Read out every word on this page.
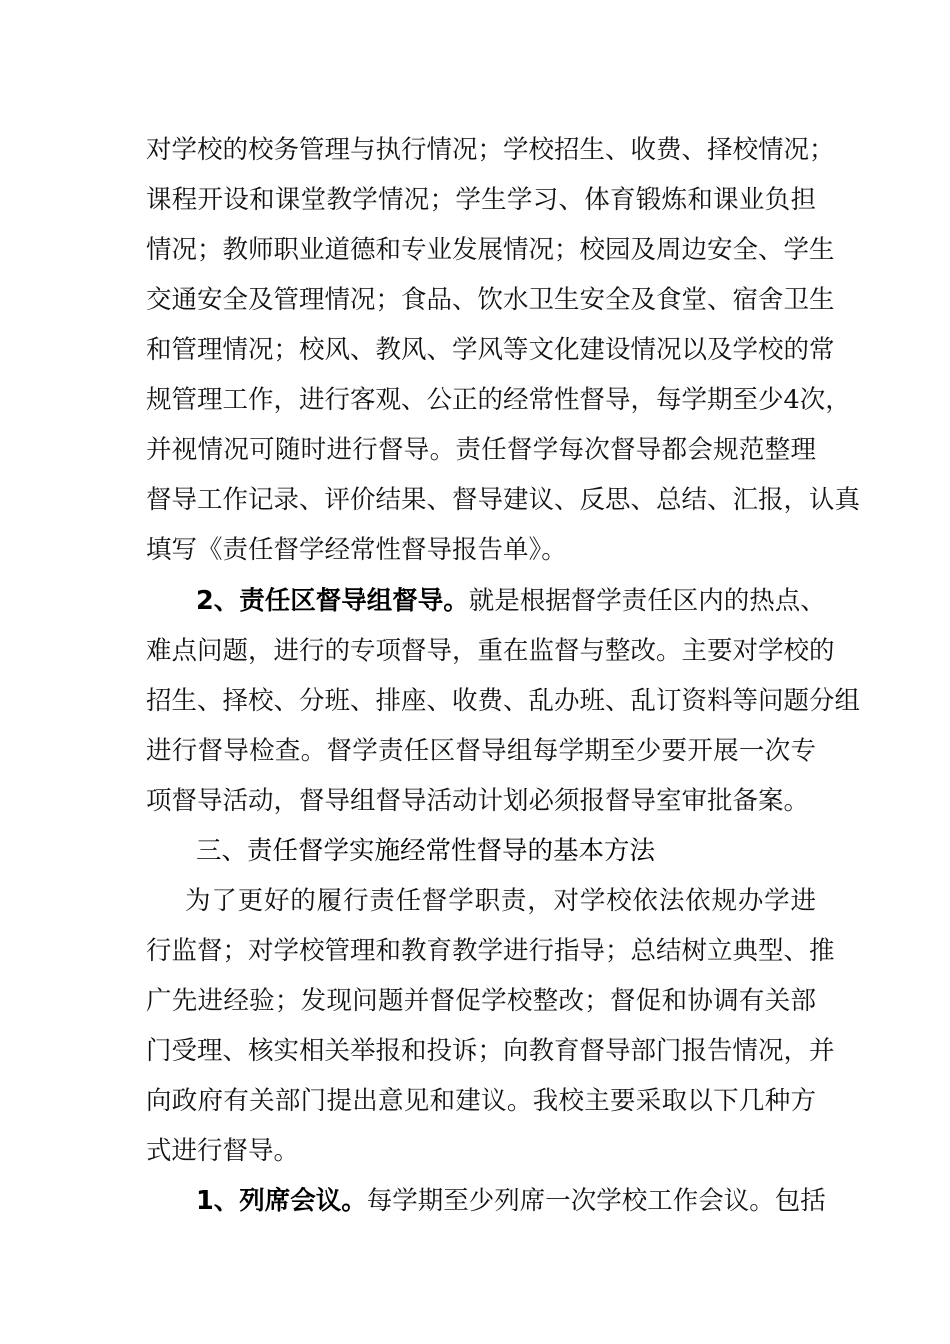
对学校的校务管理与执行情况；学校招生、收费、择校情况；
课程开设和课堂教学情况；学生学习、体育锻炼和课业负担
情况；教师职业道德和专业发展情况；校园及周边安全、学生
交通安全及管理情况；食品、饮水卫生安全及食堂、宿舍卫生
和管理情况；校风、教风、学风等文化建设情况以及学校的常
规管理工作，进行客观、公正的经常性督导，每学期至少4次，
并视情况可随时进行督导。责任督学每次督导都会规范整理
督导工作记录、评价结果、督导建议、反思、总结、汇报，认真
填写《责任督学经常性督导报告单》。
2、责任区督导组督导。就是根据督学责任区内的热点、
难点问题，进行的专项督导，重在监督与整改。主要对学校的
招生、择校、分班、排座、收费、乱办班、乱订资料等问题分组
进行督导检查。督学责任区督导组每学期至少要开展一次专
项督导活动，督导组督导活动计划必须报督导室审批备案。
三、责任督学实施经常性督导的基本方法
为了更好的履行责任督学职责，对学校依法依规办学进
行监督；对学校管理和教育教学进行指导；总结树立典型、推
广先进经验；发现问题并督促学校整改；督促和协调有关部
门受理、核实相关举报和投诉；向教育督导部门报告情况，并
向政府有关部门提出意见和建议。我校主要采取以下几种方
式进行督导。
1、列席会议。每学期至少列席一次学校工作会议。包括
